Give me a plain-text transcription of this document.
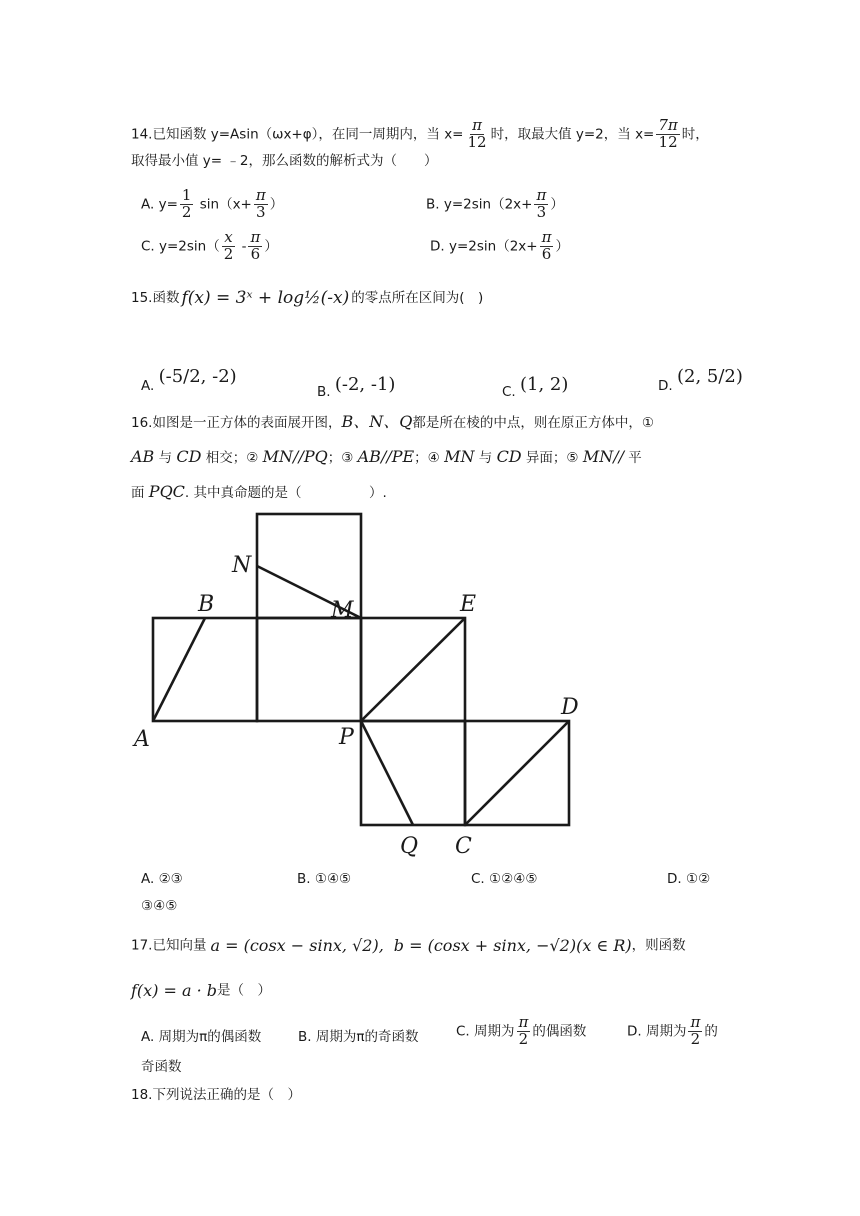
14.已知函数 y=Asin（ωx+φ），在同一周期内，当 $x= \frac{\pi}{12}$ 时，取最大值 y=2，当 $x= \frac{7\pi}{12}$ 时，
取得最小值 y= ﹣2，那么函数的解析式为（　　）
A. $y= \frac{1}{2} \sin(x+ \frac{\pi}{3}$ ）	B. $y=2\sin(2x+ \frac{\pi}{3}$ ）
C. $y=2\sin( \frac{x}{2} - \frac{\pi}{6}$ ）	D. $y=2\sin(2x+ \frac{\pi}{6}$ ）
15.函数 f(x) = 3ˣ + log½(-x) 的零点所在区间为(　)
A. (-5/2, -2)
B. (-2, -1)	C. (1, 2)	D. (2, 5/2)
16.如图是一正方体的表面展开图，B、N、Q都是所在棱的中点，则在原正方体中，①
AB 与 CD 相交；② MN//PQ；③ AB//PE；④ MN 与 CD 异面；⑤ MN// 平
面 PQC. 其中真命题的是（　　　　　）.
N
B	E
M
A	P
D
Q C
A. ②③	B. ①④⑤	C. ①②④⑤	D. ①②
③④⑤
17.已知向量 a = (cosx − sinx, √2), b = (cosx + sinx, −√2)(x ∈ R)，则函数
f(x) = a · b是（　）
A. 周期为π的偶函数	B. 周期为π的奇函数	C. 周期为 $\frac{\pi}{2}$ 的偶函数	D. 周期为 $\frac{\pi}{2}$ 的
奇函数
18.下列说法正确的是（　）
